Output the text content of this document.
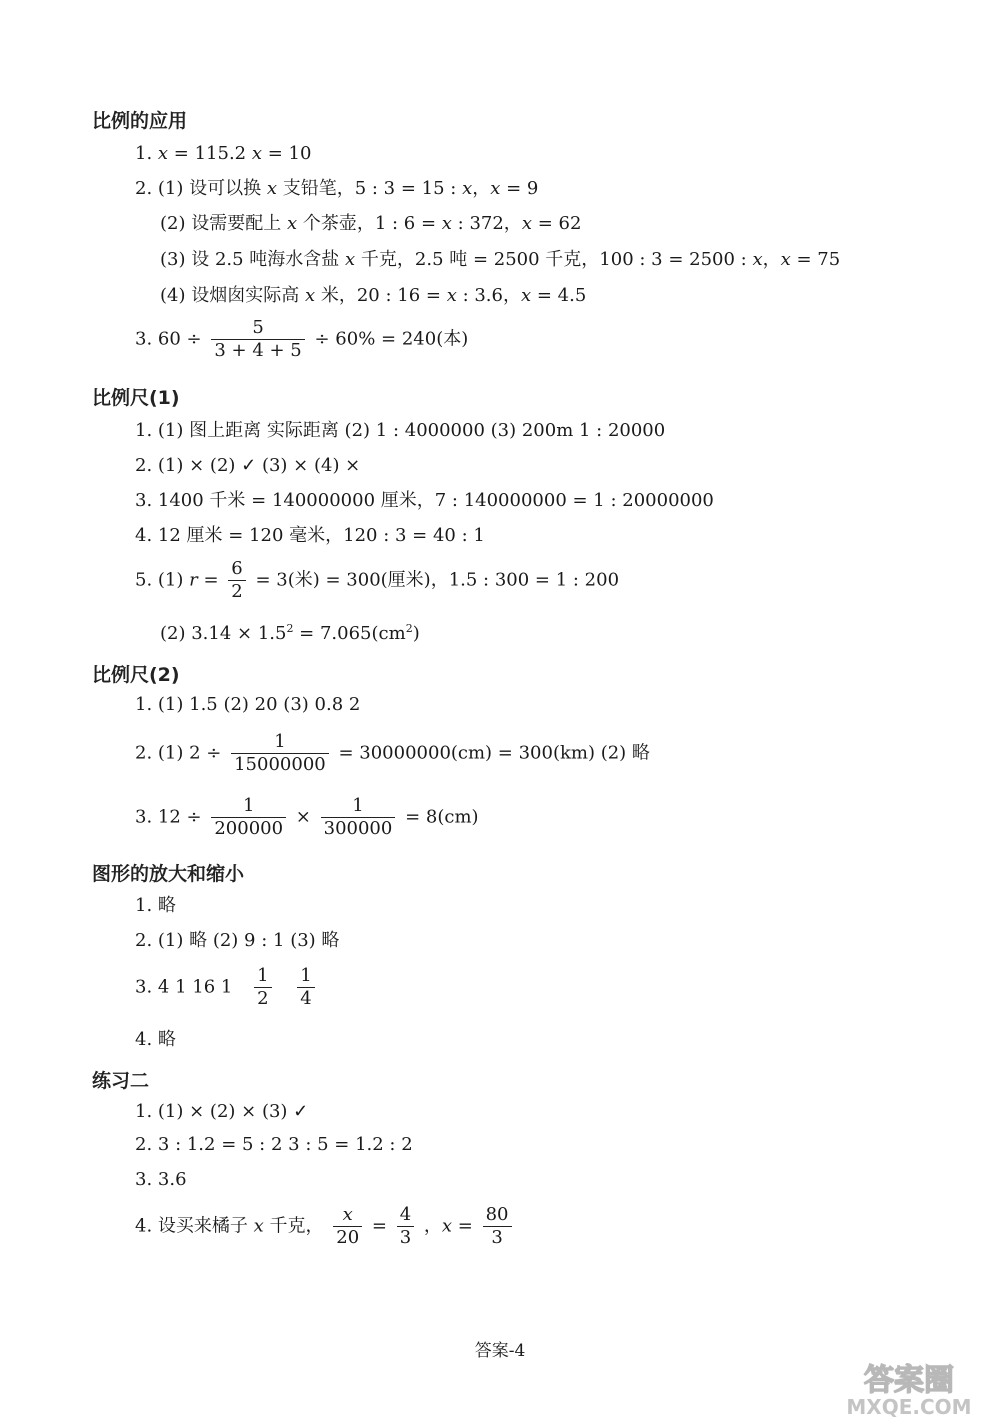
比例的应用
1. x = 115.2 x = 10
2. (1) 设可以换 x 支铅笔，5 : 3 = 15 : x，x = 9
(2) 设需要配上 x 个茶壶，1 : 6 = x : 372，x = 62
(3) 设 2.5 吨海水含盐 x 千克，2.5 吨 = 2500 千克，100 : 3 = 2500 : x，x = 75
(4) 设烟囱实际高 x 米，20 : 16 = x : 3.6，x = 4.5
3. $60 \div \frac{5}{3 + 4 + 5} \div 60\% = 240$(本)
比例尺(1)
1. (1) 图上距离 实际距离 (2) 1 : 4000000 (3) 200m 1 : 20000
2. (1) × (2) ✓ (3) × (4) ×
3. 1400 千米 = 140000000 厘米，7 : 140000000 = 1 : 20000000
4. 12 厘米 = 120 毫米，120 : 3 = 40 : 1
5. (1) $r = \frac{6}{2} = 3$(米) = 300(厘米)，1.5 : 300 = 1 : 200
(2) $3.14 \times 1.5^2 = 7.065(cm^2)$
比例尺(2)
1. (1) 1.5 (2) 20 (3) 0.8 2
2. (1) $2 \div \frac{1}{15000000} = 30000000(cm) = 300(km)$ (2) 略
3. $12 \div \frac{1}{200000} \times \frac{1}{300000} = 8(cm)$
图形的放大和缩小
1. 略
2. (1) 略 (2) 9 : 1 (3) 略
3. 4 1 16 $1 \frac{1}{2}$
$\frac{1}{4}$
4. 略
练习二
1. (1) × (2) × (3) ✓
2. 3 : 1.2 = 5 : 2 3 : 5 = 1.2 : 2
3. 3.6
4. 设买来橘子 x 千克， $\frac{x}{20} = \frac{4}{3}$ ，$x = \frac{80}{3}$
答案-4
答案圈
MXQE.COM
